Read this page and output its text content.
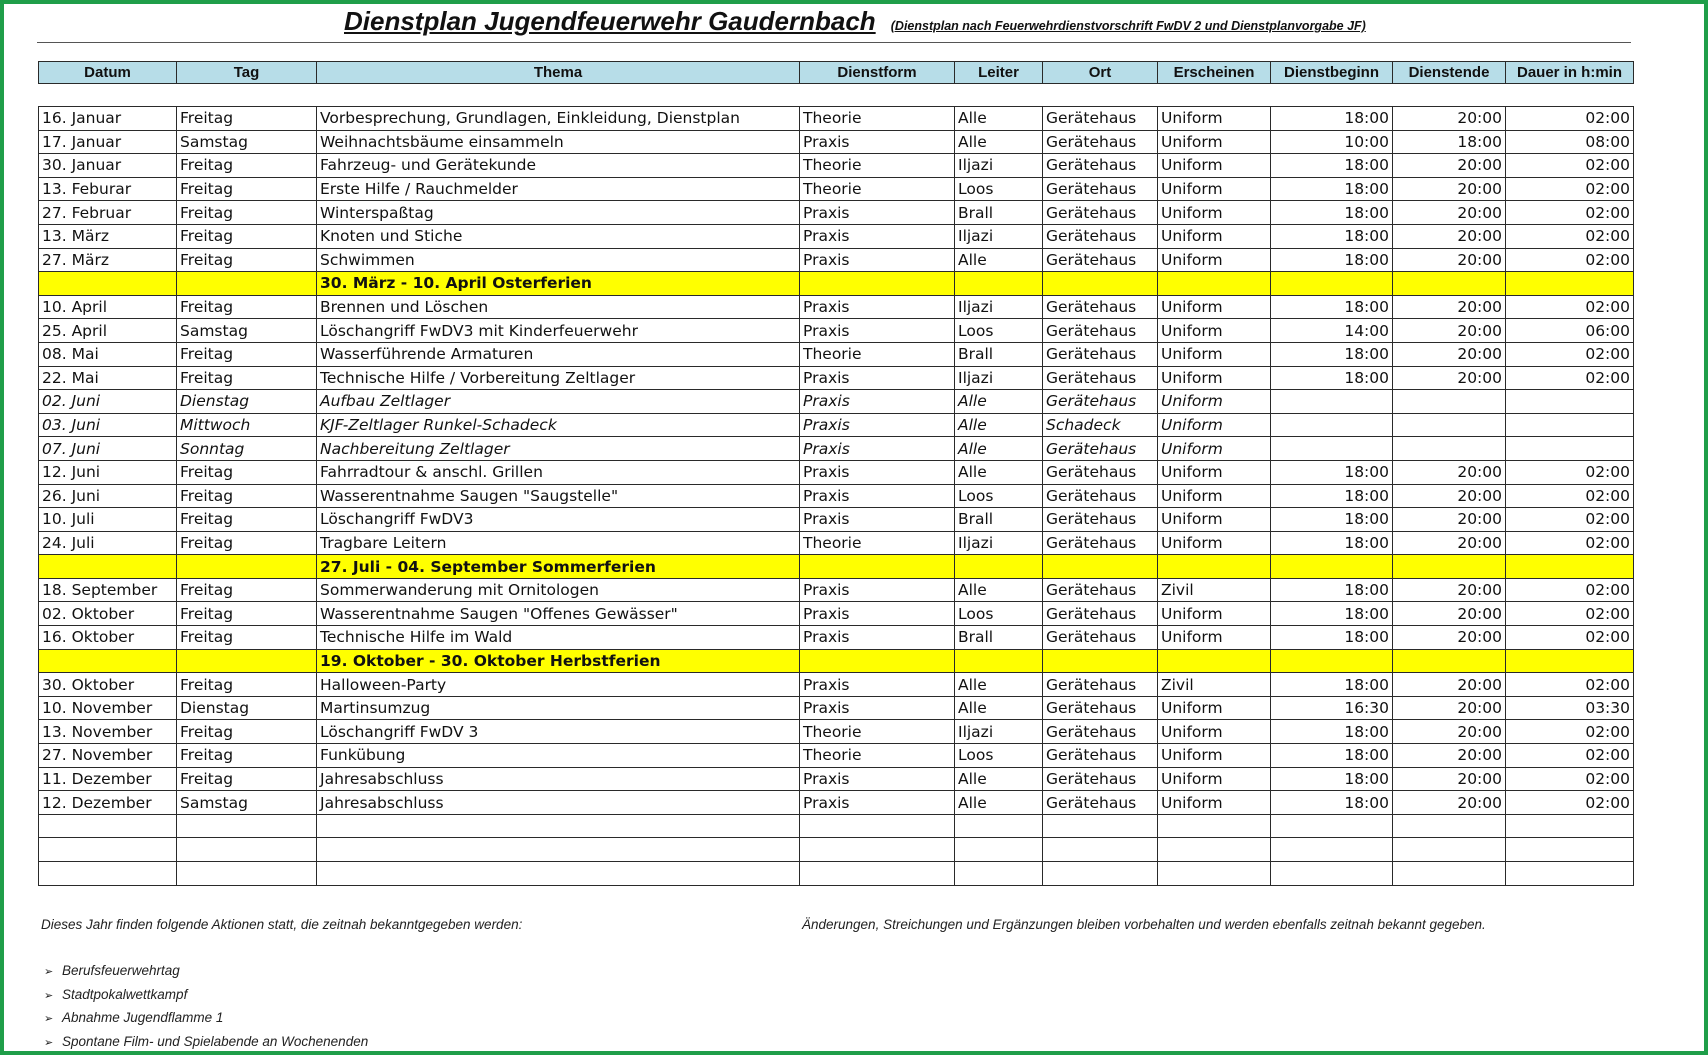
Dienstplan Jugendfeuerwehr Gaudernbach (Dienstplan nach Feuerwehrdienstvorschrift FwDV 2 und Dienstplanvorgabe JF)
Datum	Tag	Thema	Dienstform	Leiter	Ort	Erscheinen	Dienstbeginn	Dienstende	Dauer in h:min
16. Januar	Freitag	Vorbesprechung, Grundlagen, Einkleidung, Dienstplan	Theorie	Alle	Gerätehaus	Uniform	18:00	20:00	02:00
17. Januar	Samstag	Weihnachtsbäume einsammeln	Praxis	Alle	Gerätehaus	Uniform	10:00	18:00	08:00
30. Januar	Freitag	Fahrzeug- und Gerätekunde	Theorie	Iljazi	Gerätehaus	Uniform	18:00	20:00	02:00
13. Feburar	Freitag	Erste Hilfe / Rauchmelder	Theorie	Loos	Gerätehaus	Uniform	18:00	20:00	02:00
27. Februar	Freitag	Winterspaßtag	Praxis	Brall	Gerätehaus	Uniform	18:00	20:00	02:00
13. März	Freitag	Knoten und Stiche	Praxis	Iljazi	Gerätehaus	Uniform	18:00	20:00	02:00
27. März	Freitag	Schwimmen	Praxis	Alle	Gerätehaus	Uniform	18:00	20:00	02:00
		30. März - 10. April Osterferien							
10. April	Freitag	Brennen und Löschen	Praxis	Iljazi	Gerätehaus	Uniform	18:00	20:00	02:00
25. April	Samstag	Löschangriff FwDV3 mit Kinderfeuerwehr	Praxis	Loos	Gerätehaus	Uniform	14:00	20:00	06:00
08. Mai	Freitag	Wasserführende Armaturen	Theorie	Brall	Gerätehaus	Uniform	18:00	20:00	02:00
22. Mai	Freitag	Technische Hilfe / Vorbereitung Zeltlager	Praxis	Iljazi	Gerätehaus	Uniform	18:00	20:00	02:00
02. Juni	Dienstag	Aufbau Zeltlager	Praxis	Alle	Gerätehaus	Uniform			
03. Juni	Mittwoch	KJF-Zeltlager Runkel-Schadeck	Praxis	Alle	Schadeck	Uniform			
07. Juni	Sonntag	Nachbereitung Zeltlager	Praxis	Alle	Gerätehaus	Uniform			
12. Juni	Freitag	Fahrradtour & anschl. Grillen	Praxis	Alle	Gerätehaus	Uniform	18:00	20:00	02:00
26. Juni	Freitag	Wasserentnahme Saugen "Saugstelle"	Praxis	Loos	Gerätehaus	Uniform	18:00	20:00	02:00
10. Juli	Freitag	Löschangriff FwDV3	Praxis	Brall	Gerätehaus	Uniform	18:00	20:00	02:00
24. Juli	Freitag	Tragbare Leitern	Theorie	Iljazi	Gerätehaus	Uniform	18:00	20:00	02:00
		27. Juli - 04. September Sommerferien							
18. September	Freitag	Sommerwanderung mit Ornitologen	Praxis	Alle	Gerätehaus	Zivil	18:00	20:00	02:00
02. Oktober	Freitag	Wasserentnahme Saugen "Offenes Gewässer"	Praxis	Loos	Gerätehaus	Uniform	18:00	20:00	02:00
16. Oktober	Freitag	Technische Hilfe im Wald	Praxis	Brall	Gerätehaus	Uniform	18:00	20:00	02:00
		19. Oktober - 30. Oktober Herbstferien							
30. Oktober	Freitag	Halloween-Party	Praxis	Alle	Gerätehaus	Zivil	18:00	20:00	02:00
10. November	Dienstag	Martinsumzug	Praxis	Alle	Gerätehaus	Uniform	16:30	20:00	03:30
13. November	Freitag	Löschangriff FwDV 3	Theorie	Iljazi	Gerätehaus	Uniform	18:00	20:00	02:00
27. November	Freitag	Funkübung	Theorie	Loos	Gerätehaus	Uniform	18:00	20:00	02:00
11. Dezember	Freitag	Jahresabschluss	Praxis	Alle	Gerätehaus	Uniform	18:00	20:00	02:00
12. Dezember	Samstag	Jahresabschluss	Praxis	Alle	Gerätehaus	Uniform	18:00	20:00	02:00

Dieses Jahr finden folgende Aktionen statt, die zeitnah bekanntgegeben werden:	Änderungen, Streichungen und Ergänzungen bleiben vorbehalten und werden ebenfalls zeitnah bekannt gegeben.
➢ Berufsfeuerwehrtag
➢ Stadtpokalwettkampf
➢ Abnahme Jugendflamme 1
➢ Spontane Film- und Spielabende an Wochenenden
